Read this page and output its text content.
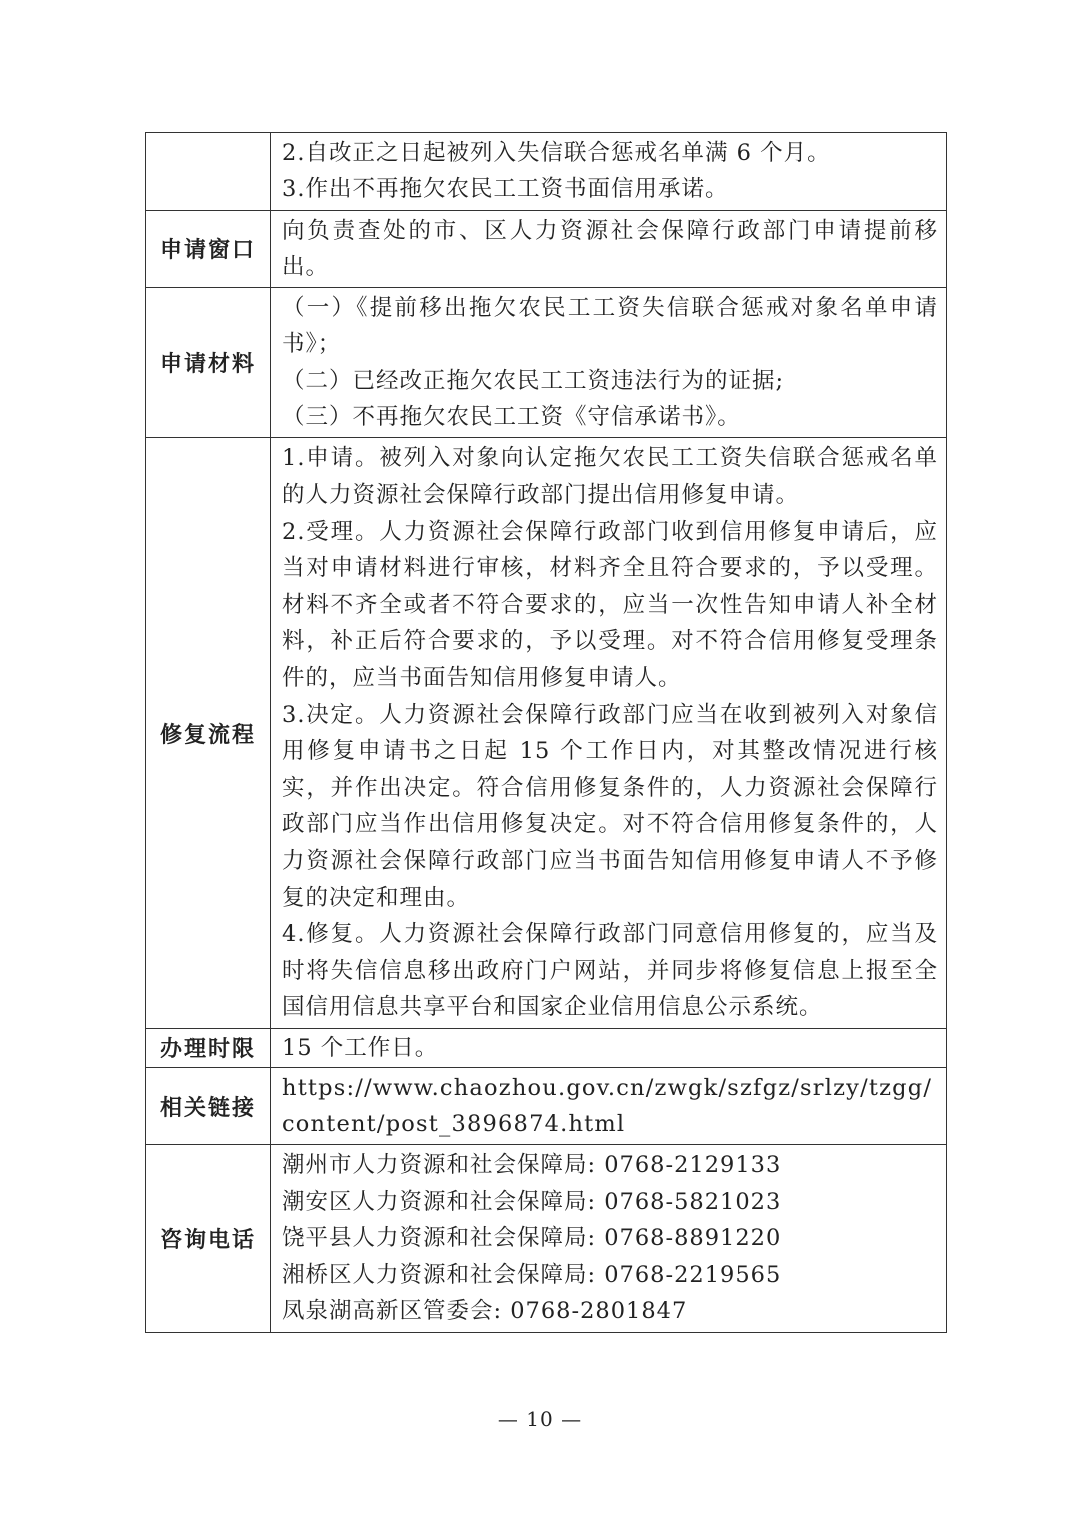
	2.自改正之日起被列入失信联合惩戒名单满 6 个月。
3.作出不再拖欠农民工工资书面信用承诺。

申请窗口	向负责查处的市、区人力资源社会保障行政部门申请提前移出。
申请材料	（一）《提前移出拖欠农民工工资失信联合惩戒对象名单申请书》；
（二）已经改正拖欠农民工工资违法行为的证据;
（三）不再拖欠农民工工资《守信承诺书》。

修复流程	1.申请。被列入对象向认定拖欠农民工工资失信联合惩戒名单的人力资源社会保障行政部门提出信用修复申请。
2.受理。人力资源社会保障行政部门收到信用修复申请后，应当对申请材料进行审核，材料齐全且符合要求的，予以受理。材料不齐全或者不符合要求的，应当一次性告知申请人补全材料，补正后符合要求的，予以受理。对不符合信用修复受理条件的，应当书面告知信用修复申请人。
3.决定。人力资源社会保障行政部门应当在收到被列入对象信用修复申请书之日起 15 个工作日内，对其整改情况进行核实，并作出决定。符合信用修复条件的，人力资源社会保障行政部门应当作出信用修复决定。对不符合信用修复条件的，人力资源社会保障行政部门应当书面告知信用修复申请人不予修复的决定和理由。
4.修复。人力资源社会保障行政部门同意信用修复的，应当及时将失信信息移出政府门户网站，并同步将修复信息上报至全国信用信息共享平台和国家企业信用信息公示系统。

办理时限	15 个工作日。
相关链接	https://www.chaozhou.gov.cn/zwgk/szfgz/srlzy/tzgg/content/post_3896874.html

咨询电话	潮州市人力资源和社会保障局: 0768-2129133
潮安区人力资源和社会保障局: 0768-5821023
饶平县人力资源和社会保障局: 0768-8891220
湘桥区人力资源和社会保障局: 0768-2219565
凤泉湖高新区管委会: 0768-2801847
— 10 —
